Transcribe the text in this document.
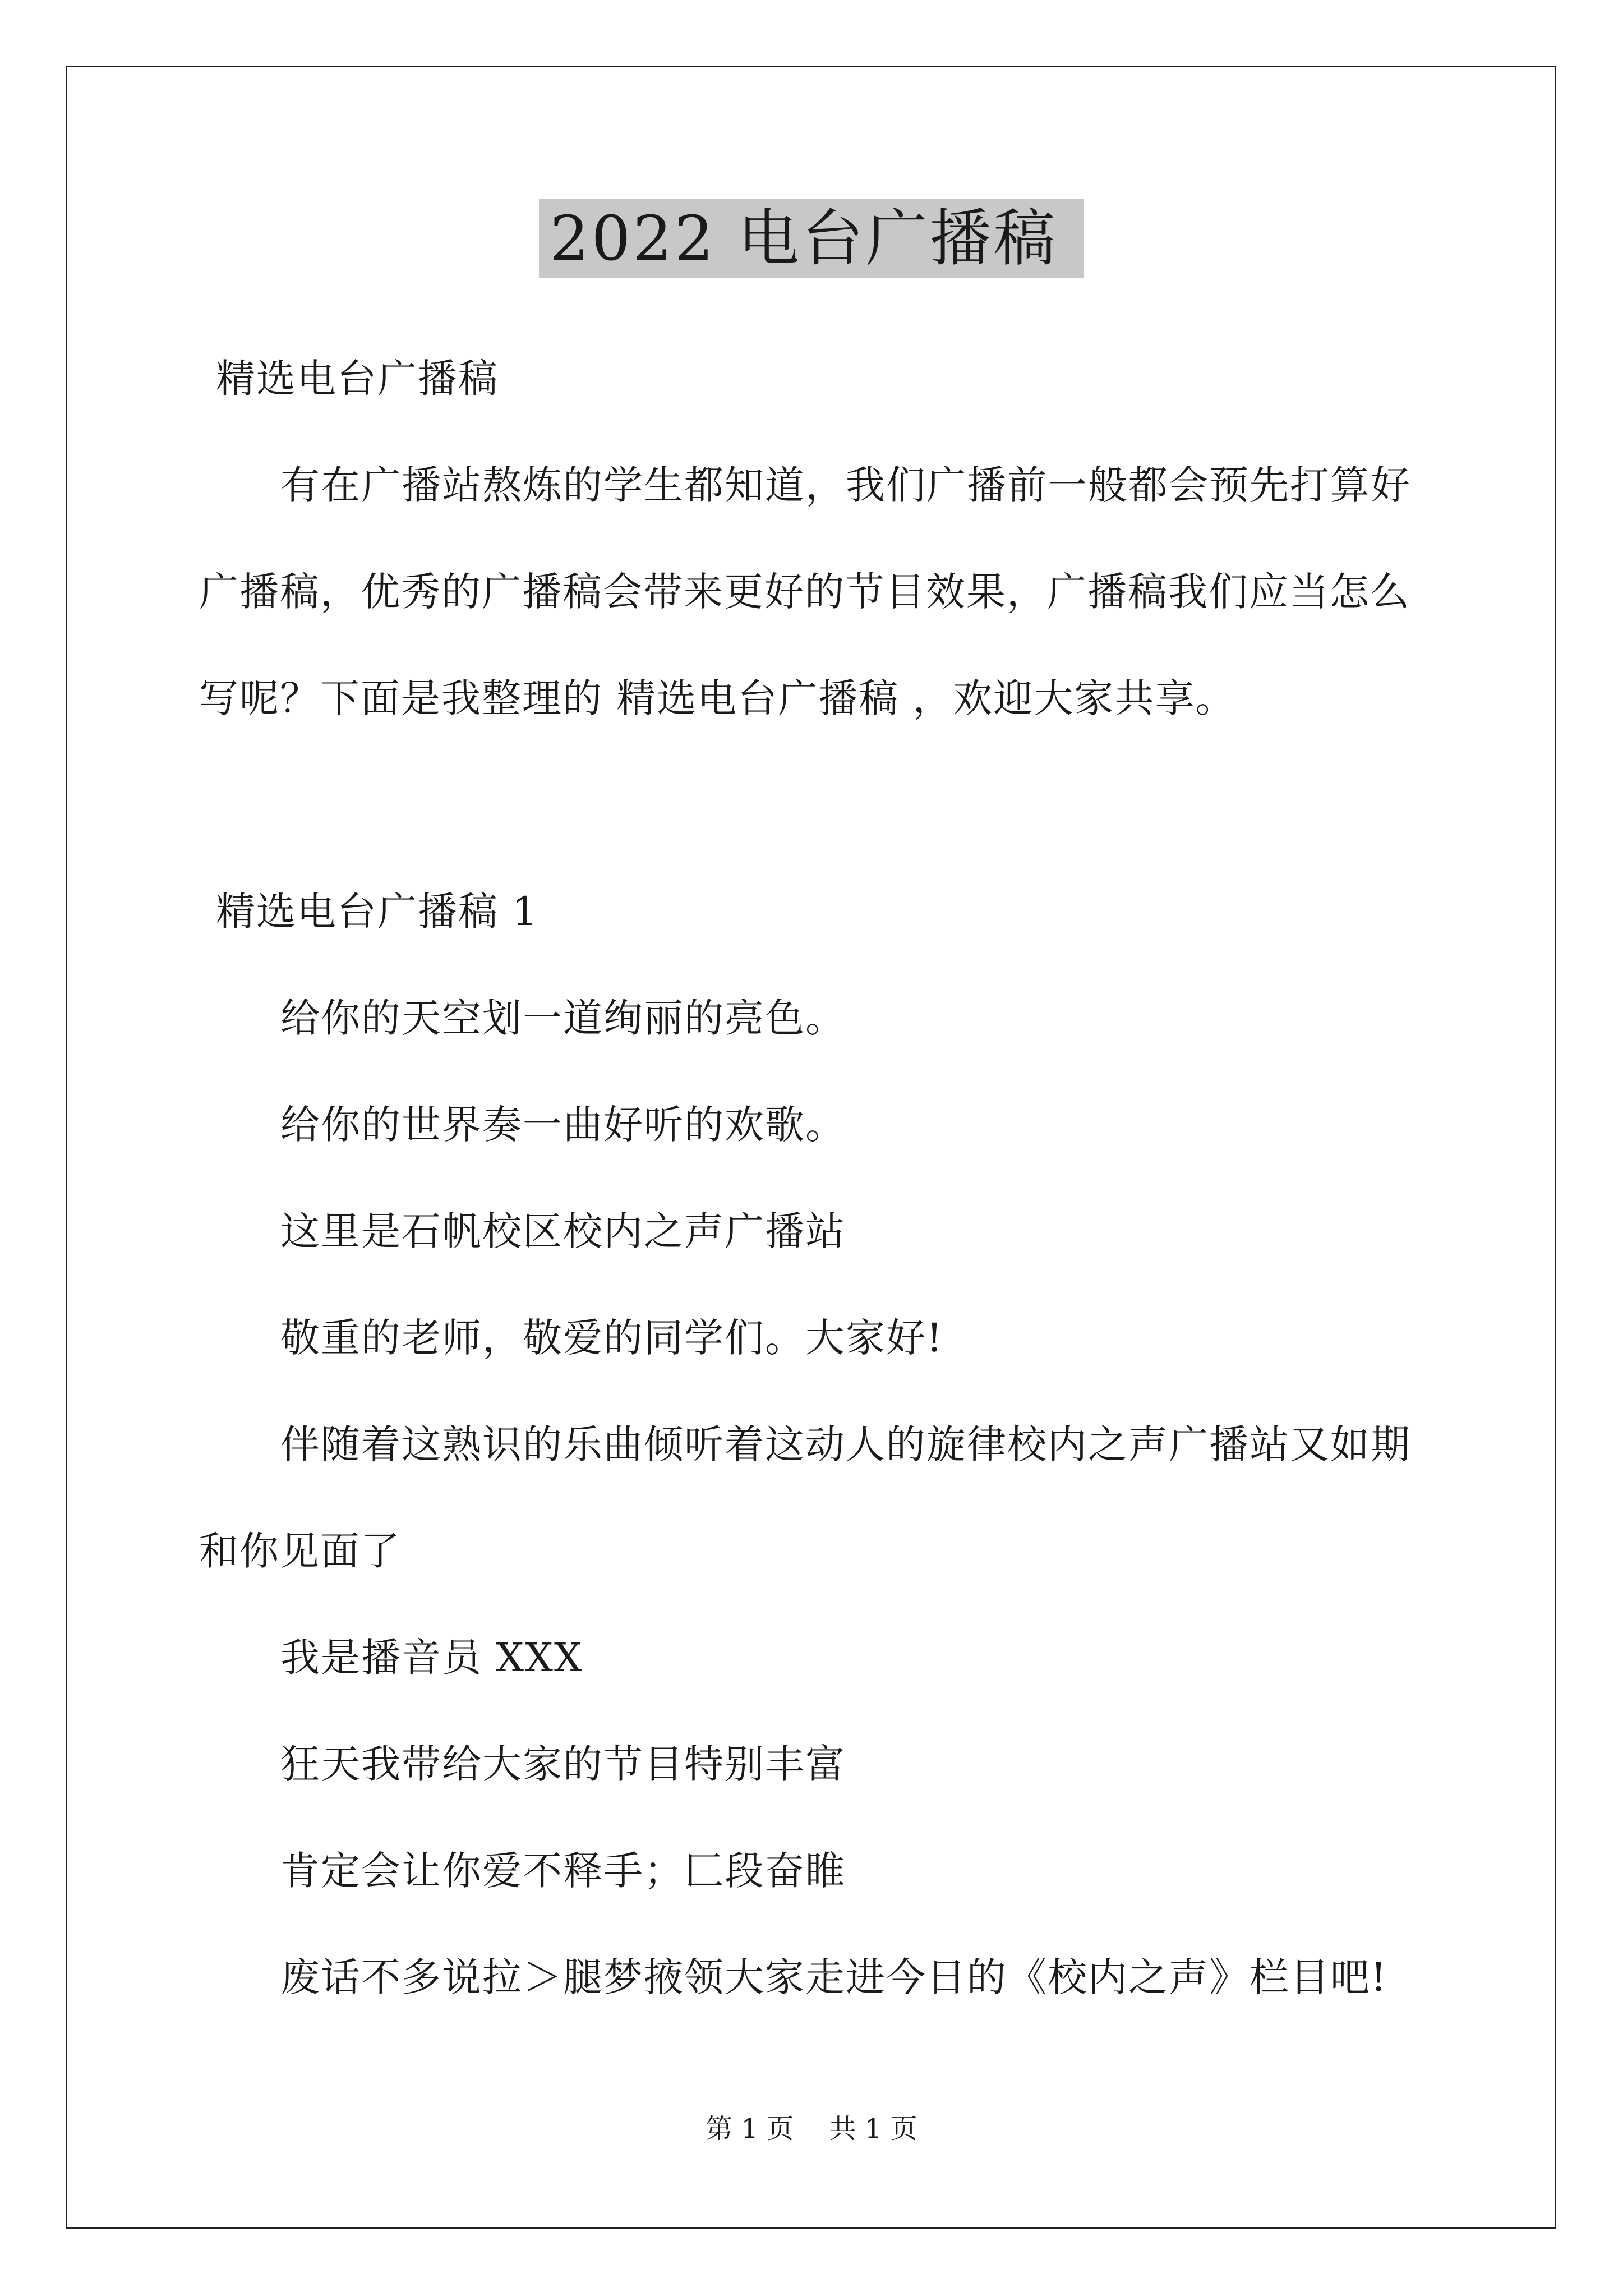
2022 电台广播稿
精选电台广播稿
有在广播站熬炼的学生都知道，我们广播前一般都会预先打算好
广播稿，优秀的广播稿会带来更好的节目效果，广播稿我们应当怎么
写呢？下面是我整理的 精选电台广播稿 ，欢迎大家共享。
精选电台广播稿 1
给你的天空划一道绚丽的亮色。
给你的世界奏一曲好听的欢歌。
这里是石帆校区校内之声广播站
敬重的老师，敬爱的同学们。大家好!
伴随着这熟识的乐曲倾听着这动人的旋律校内之声广播站又如期
和你见面了
我是播音员 XXX
狂天我带给大家的节目特别丰富
肯定会让你爱不释手；匚段奋睢
废话不多说拉＞腿梦掖领大家走进今日的《校内之声》栏目吧!
第 1 页 共 1 页
